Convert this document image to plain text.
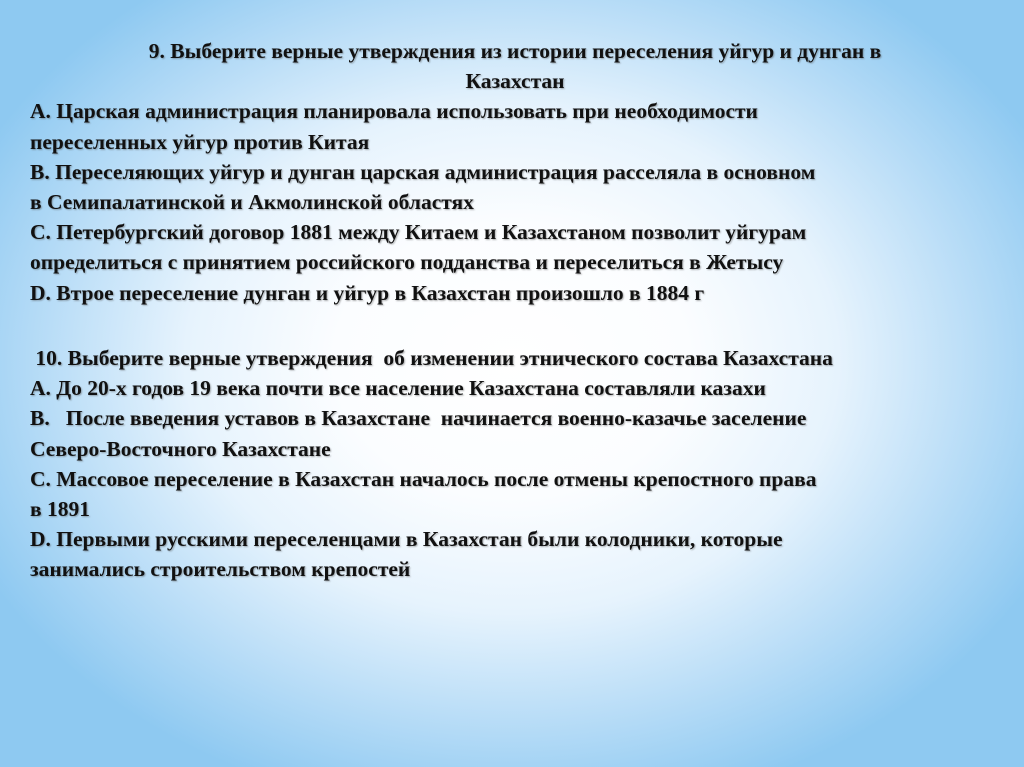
9. Выберите верные утверждения из истории переселения уйгур и дунган в
Казахстан
А. Царская администрация планировала использовать при необходимости
переселенных уйгур против Китая
В. Переселяющих уйгур и дунган царская администрация расселяла в основном
в Семипалатинской и Акмолинской областях
С. Петербургский договор 1881 между Китаем и Казахстаном позволит уйгурам
определиться с принятием российского подданства и переселиться в Жетысу
D. Втрое переселение дунган и уйгур в Казахстан произошло в 1884 г
10. Выберите верные утверждения  об изменении этнического состава Казахстана
А. До 20-х годов 19 века почти все население Казахстана составляли казахи
В.   После введения уставов в Казахстане  начинается военно-казачье заселение
Северо-Восточного Казахстане
С. Массовое переселение в Казахстан началось после отмены крепостного права
в 1891
D. Первыми русскими переселенцами в Казахстан были колодники, которые
занимались строительством крепостей
